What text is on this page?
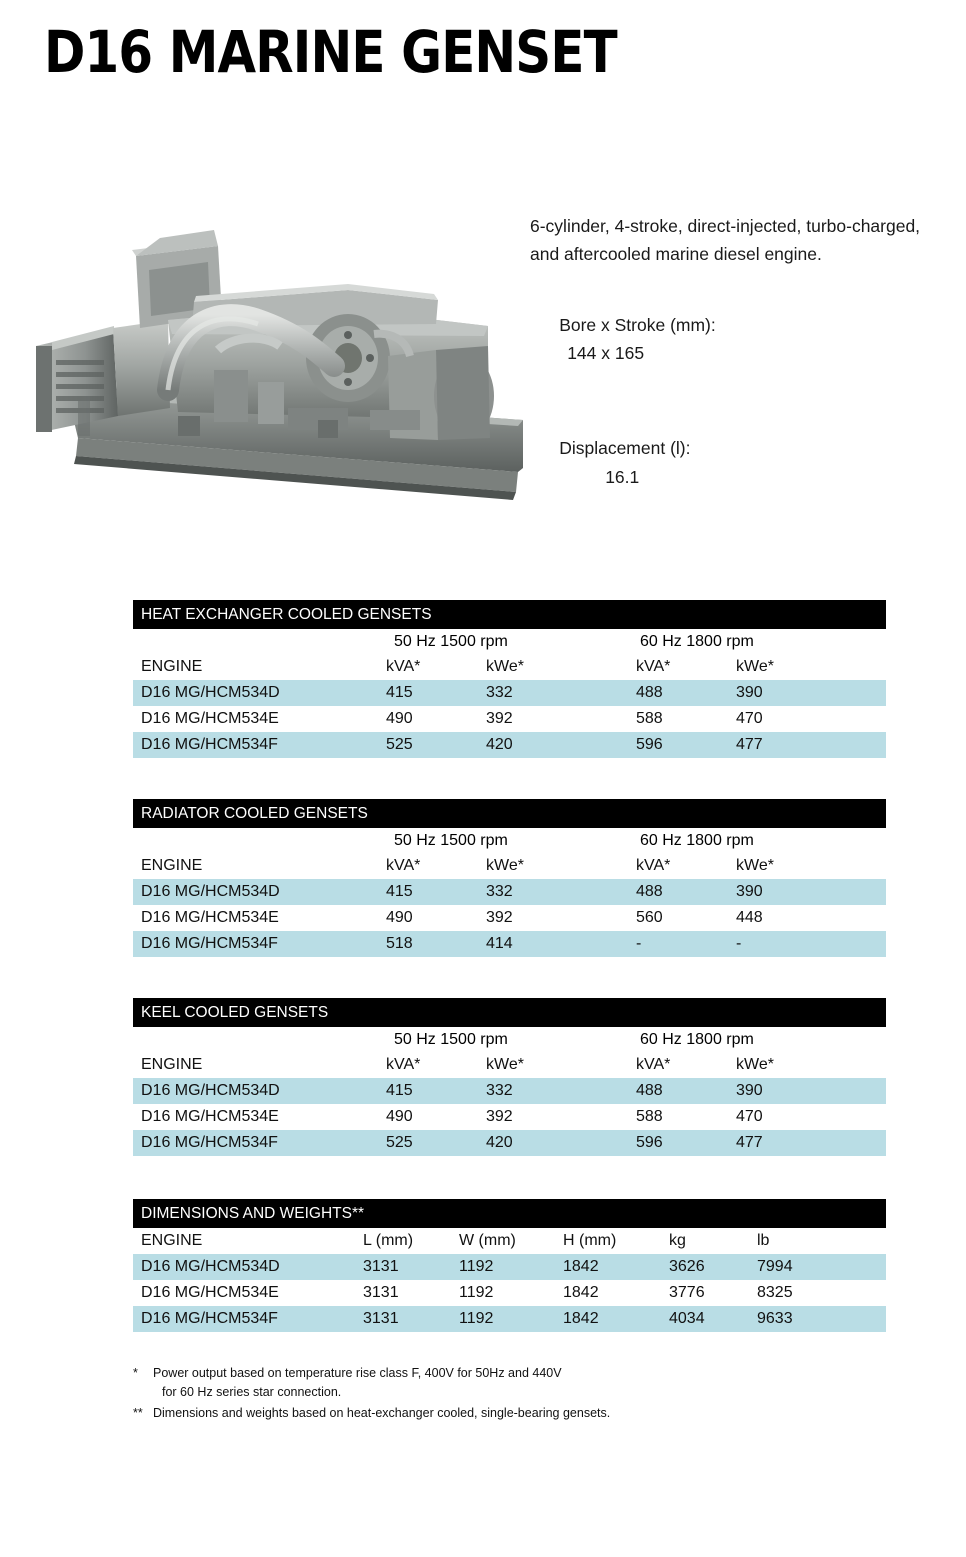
D16 MARINE GENSET

6-cylinder, 4-stroke, direct-injected, turbo-charged, and aftercooled marine diesel engine.

Bore x Stroke (mm):
144 x 165

Displacement (l):
16.1

HEAT EXCHANGER COOLED GENSETS
50 Hz 1500 rpm	60 Hz 1800 rpm
ENGINE	kVA*	kWe*	kVA*	kWe*
D16 MG/HCM534D	415	332	488	390
D16 MG/HCM534E	490	392	588	470
D16 MG/HCM534F	525	420	596	477
RADIATOR COOLED GENSETS
50 Hz 1500 rpm	60 Hz 1800 rpm
ENGINE	kVA*	kWe*	kVA*	kWe*
D16 MG/HCM534D	415	332	488	390
D16 MG/HCM534E	490	392	560	448
D16 MG/HCM534F	518	414	-	-
KEEL COOLED GENSETS
50 Hz 1500 rpm	60 Hz 1800 rpm
ENGINE	kVA*	kWe*	kVA*	kWe*
D16 MG/HCM534D	415	332	488	390
D16 MG/HCM534E	490	392	588	470
D16 MG/HCM534F	525	420	596	477
DIMENSIONS AND WEIGHTS**
ENGINE	L (mm)	W (mm)	H (mm)	kg	lb
D16 MG/HCM534D	3131	1192	1842	3626	7994
D16 MG/HCM534E	3131	1192	1842	3776	8325
D16 MG/HCM534F	3131	1192	1842	4034	9633
*	Power output based on temperature rise class F, 400V for 50Hz and 440V
for 60 Hz series star connection.
** Dimensions and weights based on heat-exchanger cooled, single-bearing gensets.
